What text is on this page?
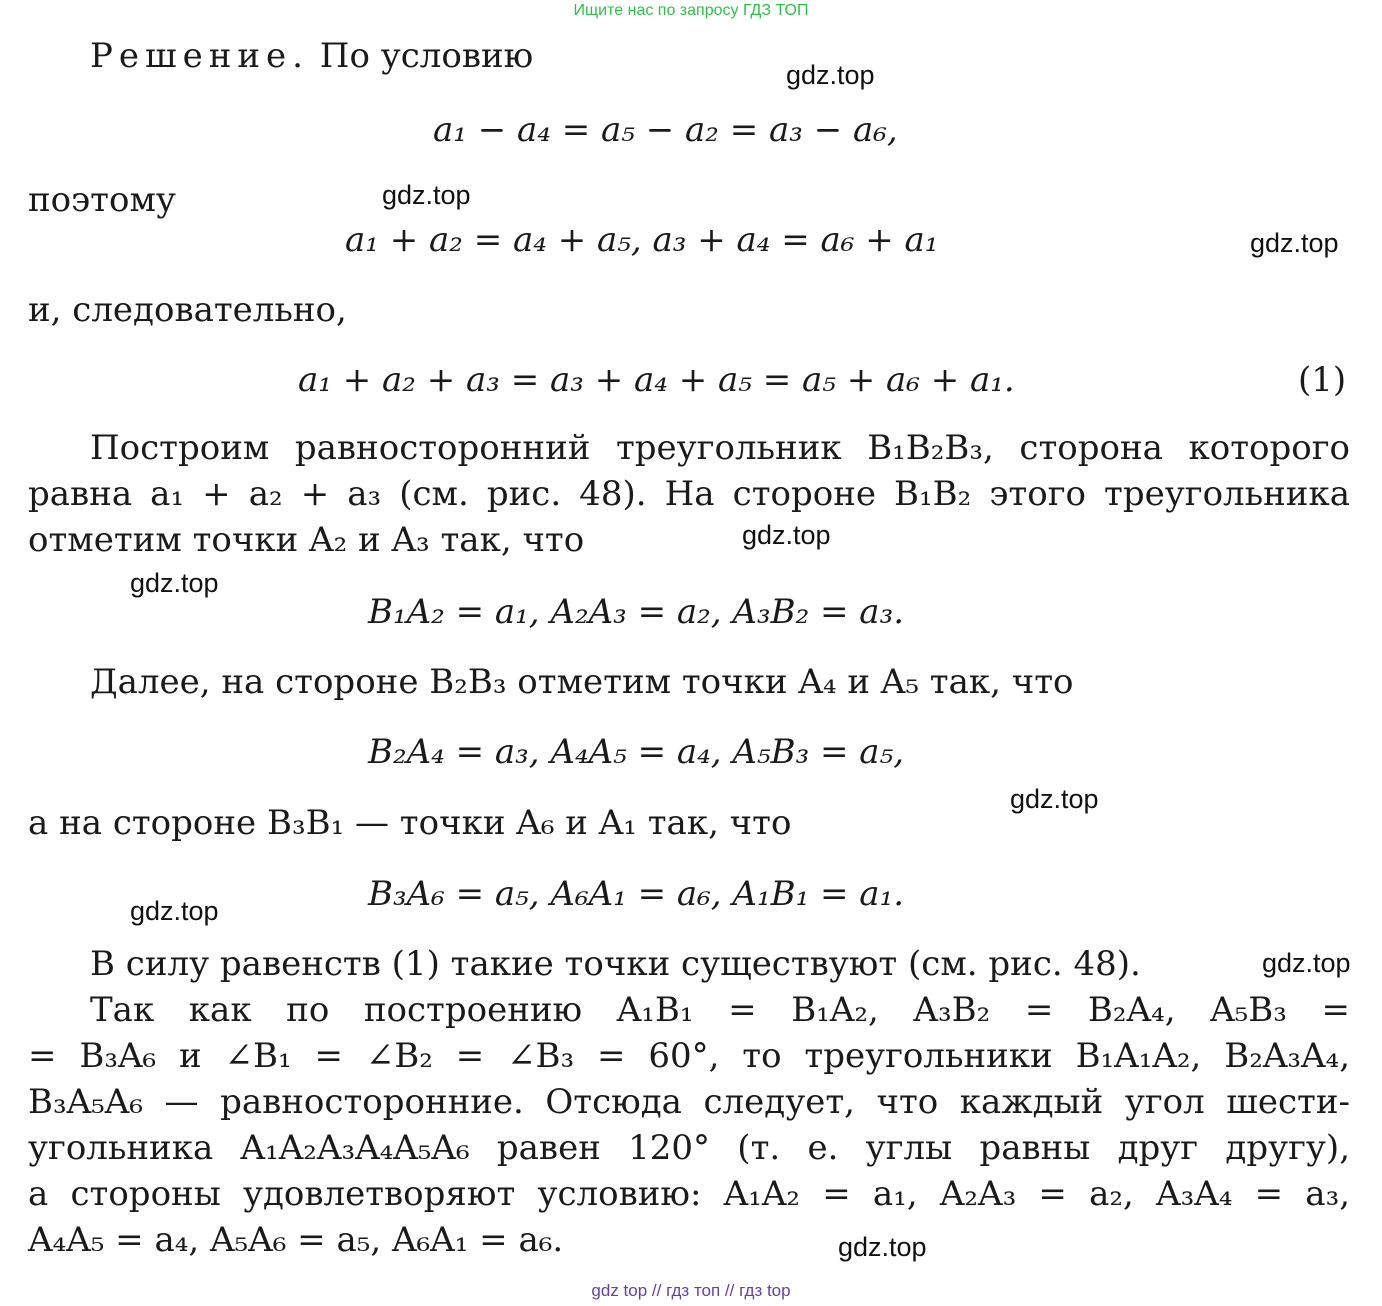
Ищите нас по запросу ГДЗ ТОП
Решение. По условию
a₁ − a₄ = a₅ − a₂ = a₃ − a₆,
поэтому
a₁ + a₂ = a₄ + a₅, a₃ + a₄ = a₆ + a₁
и, следовательно,
a₁ + a₂ + a₃ = a₃ + a₄ + a₅ = a₅ + a₆ + a₁.	(1)
Построим равносторонний треугольник B₁B₂B₃, сторона которого
равна a₁ + a₂ + a₃ (см. рис. 48). На стороне B₁B₂ этого треугольника
отметим точки A₂ и A₃ так, что
B₁A₂ = a₁, A₂A₃ = a₂, A₃B₂ = a₃.
Далее, на стороне B₂B₃ отметим точки A₄ и A₅ так, что
B₂A₄ = a₃, A₄A₅ = a₄, A₅B₃ = a₅,
а на стороне B₃B₁ — точки A₆ и A₁ так, что
B₃A₆ = a₅, A₆A₁ = a₆, A₁B₁ = a₁.
В силу равенств (1) такие точки существуют (см. рис. 48).
Так как по построению A₁B₁ = B₁A₂, A₃B₂ = B₂A₄, A₅B₃ =
= B₃A₆ и ∠B₁ = ∠B₂ = ∠B₃ = 60°, то треугольники B₁A₁A₂, B₂A₃A₄,
B₃A₅A₆ — равносторонние. Отсюда следует, что каждый угол шести-
угольника A₁A₂A₃A₄A₅A₆ равен 120° (т. е. углы равны друг другу),
а стороны удовлетворяют условию: A₁A₂ = a₁, A₂A₃ = a₂, A₃A₄ = a₃,
A₄A₅ = a₄, A₅A₆ = a₅, A₆A₁ = a₆.
gdz.top
gdz.top
gdz.top
gdz.top
gdz.top
gdz.top
gdz.top
gdz.top
gdz.top
gdz top // гдз топ // гдз top
